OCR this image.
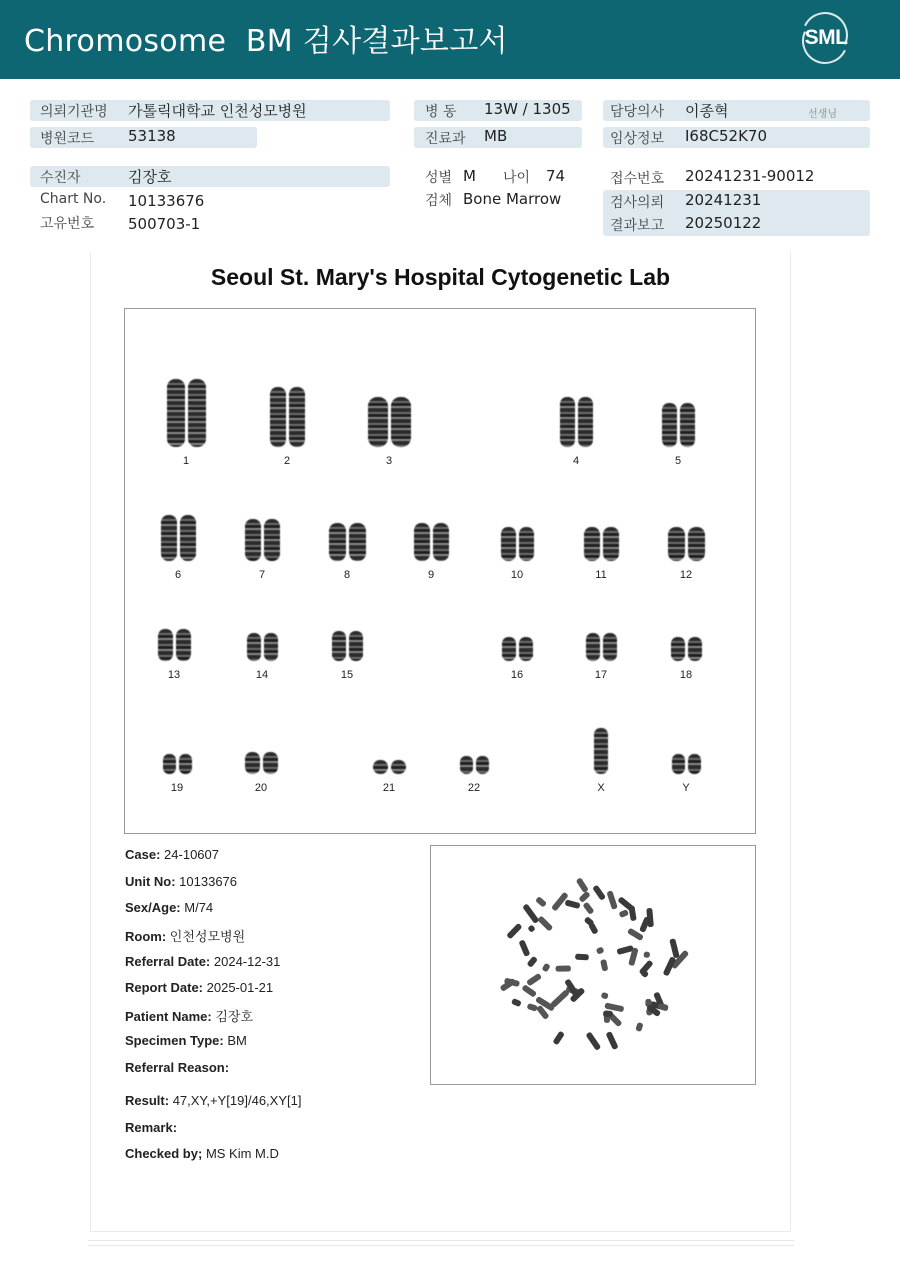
Chromosome  BM 검사결과보고서	SML
의뢰기관명 가톨릭대학교 인천성모병원
병원코드 53138
수진자	김장호
Chart No. 10133676
고유번호 500703-1
병 동 13W / 1305
진료과 MB
성별 M 나이 74
검체 Bone Marrow
담당의사 이종혁	선생님
임상정보 I68C52K70
접수번호 20241231-90012
검사의뢰 20241231
결과보고 20250122
Seoul St. Mary's Hospital Cytogenetic Lab
1	2	3	4	5
6	7	8	9	10	11	12
13	14	15	16	17	18
19	20	21	22	X	Y
Case: 24-10607
Unit No: 10133676
Sex/Age: M/74
Room: 인천성모병원
Referral Date: 2024-12-31
Report Date: 2025-01-21
Patient Name: 김장호
Specimen Type: BM
Referral Reason:
Result: 47,XY,+Y[19]/46,XY[1]
Remark:
Checked by; MS Kim M.D
